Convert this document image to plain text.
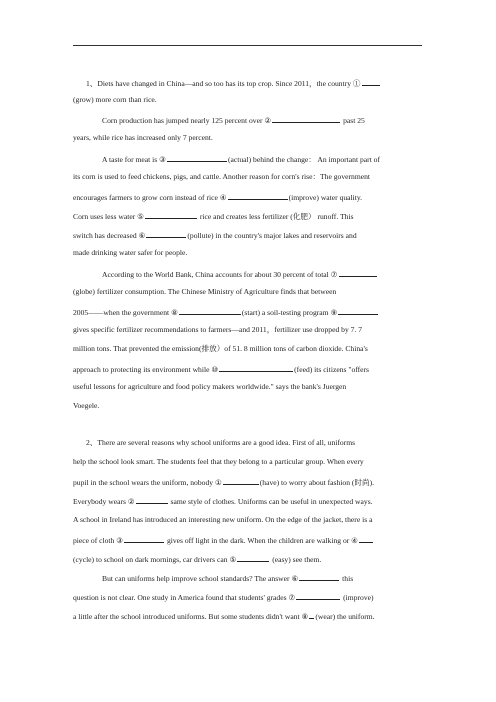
1、Diets have changed in China—and so too has its top crop. Since 2011，the country ①
(grow) more corn than rice.
Corn production has jumped nearly 125 percent over ②	past 25
years, while rice has increased only 7 percent.
A taste for meat is ③	(actual) behind the change： An important part of
its corn is used to feed chickens, pigs, and cattle. Another reason for corn's rise：The government
encourages farmers to grow corn instead of rice ④	(improve) water quality.
Corn uses less water ⑤	rice and creates less fertilizer (化肥） runoff. This
switch has decreased ⑥	(pollute) in the country's major lakes and reservoirs and
made drinking water safer for people.
According to the World Bank, China accounts for about 30 percent of total ⑦
(globe) fertilizer consumption. The Chinese Ministry of Agriculture finds that between
2005——when the government ⑧	(start) a soil-testing program ⑨
gives specific fertilizer recommendations to farmers—and 2011，fertilizer use dropped by 7. 7
million tons. That prevented the emission(排放）of 51. 8 million tons of carbon dioxide. China's
approach to protecting its environment while ⑩	(feed) its citizens "offers
useful lessons for agriculture and food policy makers worldwide." says the bank's Juergen
Voegele.
2、There are several reasons why school uniforms are a good idea. First of all, uniforms
help the school look smart. The students feel that they belong to a particular group. When every
pupil in the school wears the uniform, nobody ①	(have) to worry about fashion (时尚).
Everybody wears ②	same style of clothes. Uniforms can be useful in unexpected ways.
A school in Ireland has introduced an interesting new uniform. On the edge of the jacket, there is a
piece of cloth ③	gives off light in the dark. When the children are walking or ④
(cycle) to school on dark mornings, car drivers can ⑤	(easy) see them.
But can uniforms help improve school standards? The answer ⑥	this
question is not clear. One study in America found that students' grades ⑦	(improve)
a little after the school introduced uniforms. But some students didn't want ⑧ (wear) the uniform.
